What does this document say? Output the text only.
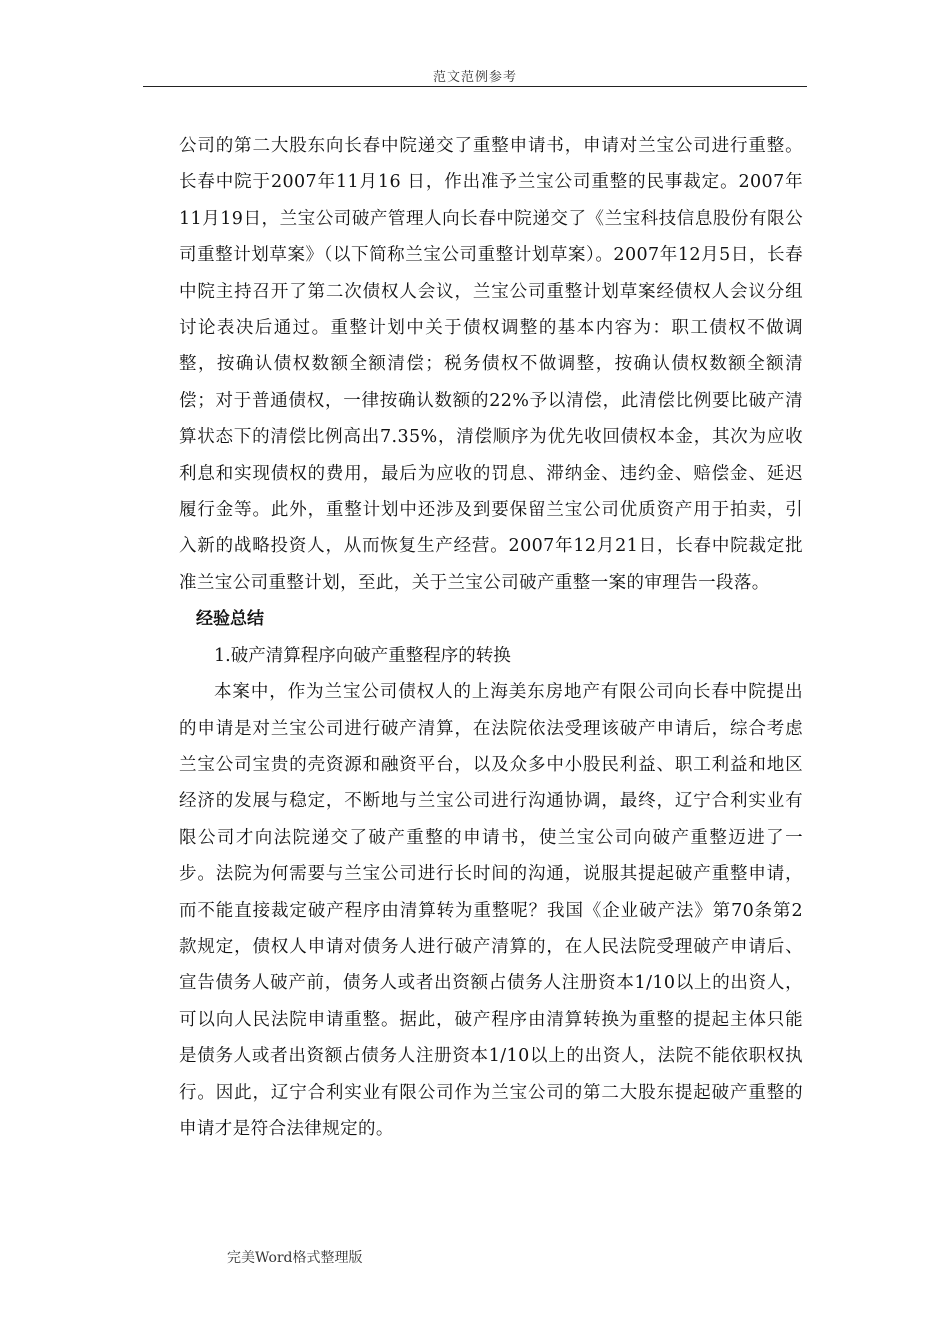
范文范例参考

公司的第二大股东向长春中院递交了重整申请书，申请对兰宝公司进行重整。长春中院于2007年11月16 日，作出准予兰宝公司重整的民事裁定。2007年11月19日，兰宝公司破产管理人向长春中院递交了《兰宝科技信息股份有限公司重整计划草案》（以下简称兰宝公司重整计划草案）。2007年12月5日，长春中院主持召开了第二次债权人会议，兰宝公司重整计划草案经债权人会议分组讨论表决后通过。重整计划中关于债权调整的基本内容为：职工债权不做调整，按确认债权数额全额清偿；税务债权不做调整，按确认债权数额全额清偿；对于普通债权，一律按确认数额的22%予以清偿，此清偿比例要比破产清算状态下的清偿比例高出7.35%，清偿顺序为优先收回债权本金，其次为应收利息和实现债权的费用，最后为应收的罚息、滞纳金、违约金、赔偿金、延迟履行金等。此外，重整计划中还涉及到要保留兰宝公司优质资产用于拍卖，引入新的战略投资人，从而恢复生产经营。2007年12月21日，长春中院裁定批准兰宝公司重整计划，至此，关于兰宝公司破产重整一案的审理告一段落。

经验总结

1.破产清算程序向破产重整程序的转换

本案中，作为兰宝公司债权人的上海美东房地产有限公司向长春中院提出的申请是对兰宝公司进行破产清算，在法院依法受理该破产申请后，综合考虑兰宝公司宝贵的壳资源和融资平台，以及众多中小股民利益、职工利益和地区经济的发展与稳定，不断地与兰宝公司进行沟通协调，最终，辽宁合利实业有限公司才向法院递交了破产重整的申请书，使兰宝公司向破产重整迈进了一步。法院为何需要与兰宝公司进行长时间的沟通，说服其提起破产重整申请，而不能直接裁定破产程序由清算转为重整呢？我国《企业破产法》第70条第2款规定，债权人申请对债务人进行破产清算的，在人民法院受理破产申请后、宣告债务人破产前，债务人或者出资额占债务人注册资本1/10以上的出资人，可以向人民法院申请重整。据此，破产程序由清算转换为重整的提起主体只能是债务人或者出资额占债务人注册资本1/10以上的出资人，法院不能依职权执行。因此，辽宁合利实业有限公司作为兰宝公司的第二大股东提起破产重整的申请才是符合法律规定的。

完美Word格式整理版
